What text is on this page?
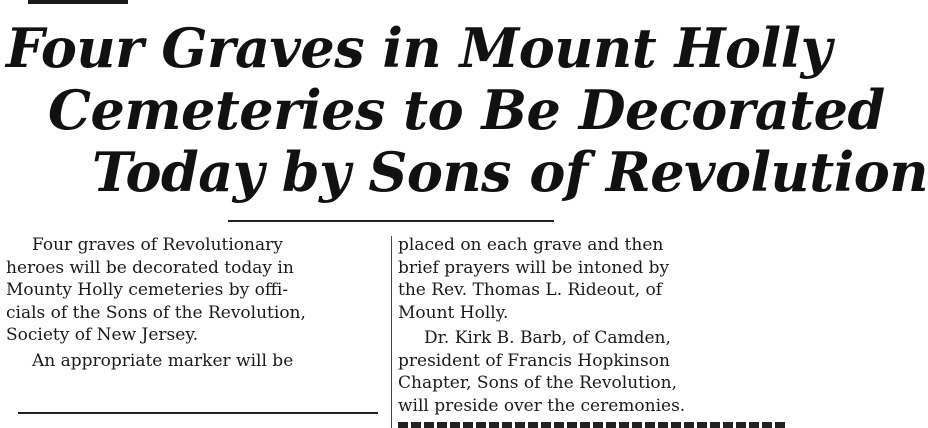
Four Graves in Mount Holly
Cemeteries to Be Decorated
Today by Sons of Revolution

Four graves of Revolutionary
heroes will be decorated today in
Mounty Holly cemeteries by offi-
cials of the Sons of the Revolution,
Society of New Jersey.

An appropriate marker will be

placed on each grave and then
brief prayers will be intoned by
the Rev. Thomas L. Rideout, of
Mount Holly.

Dr. Kirk B. Barb, of Camden,
president of Francis Hopkinson
Chapter, Sons of the Revolution,
will preside over the ceremonies.
